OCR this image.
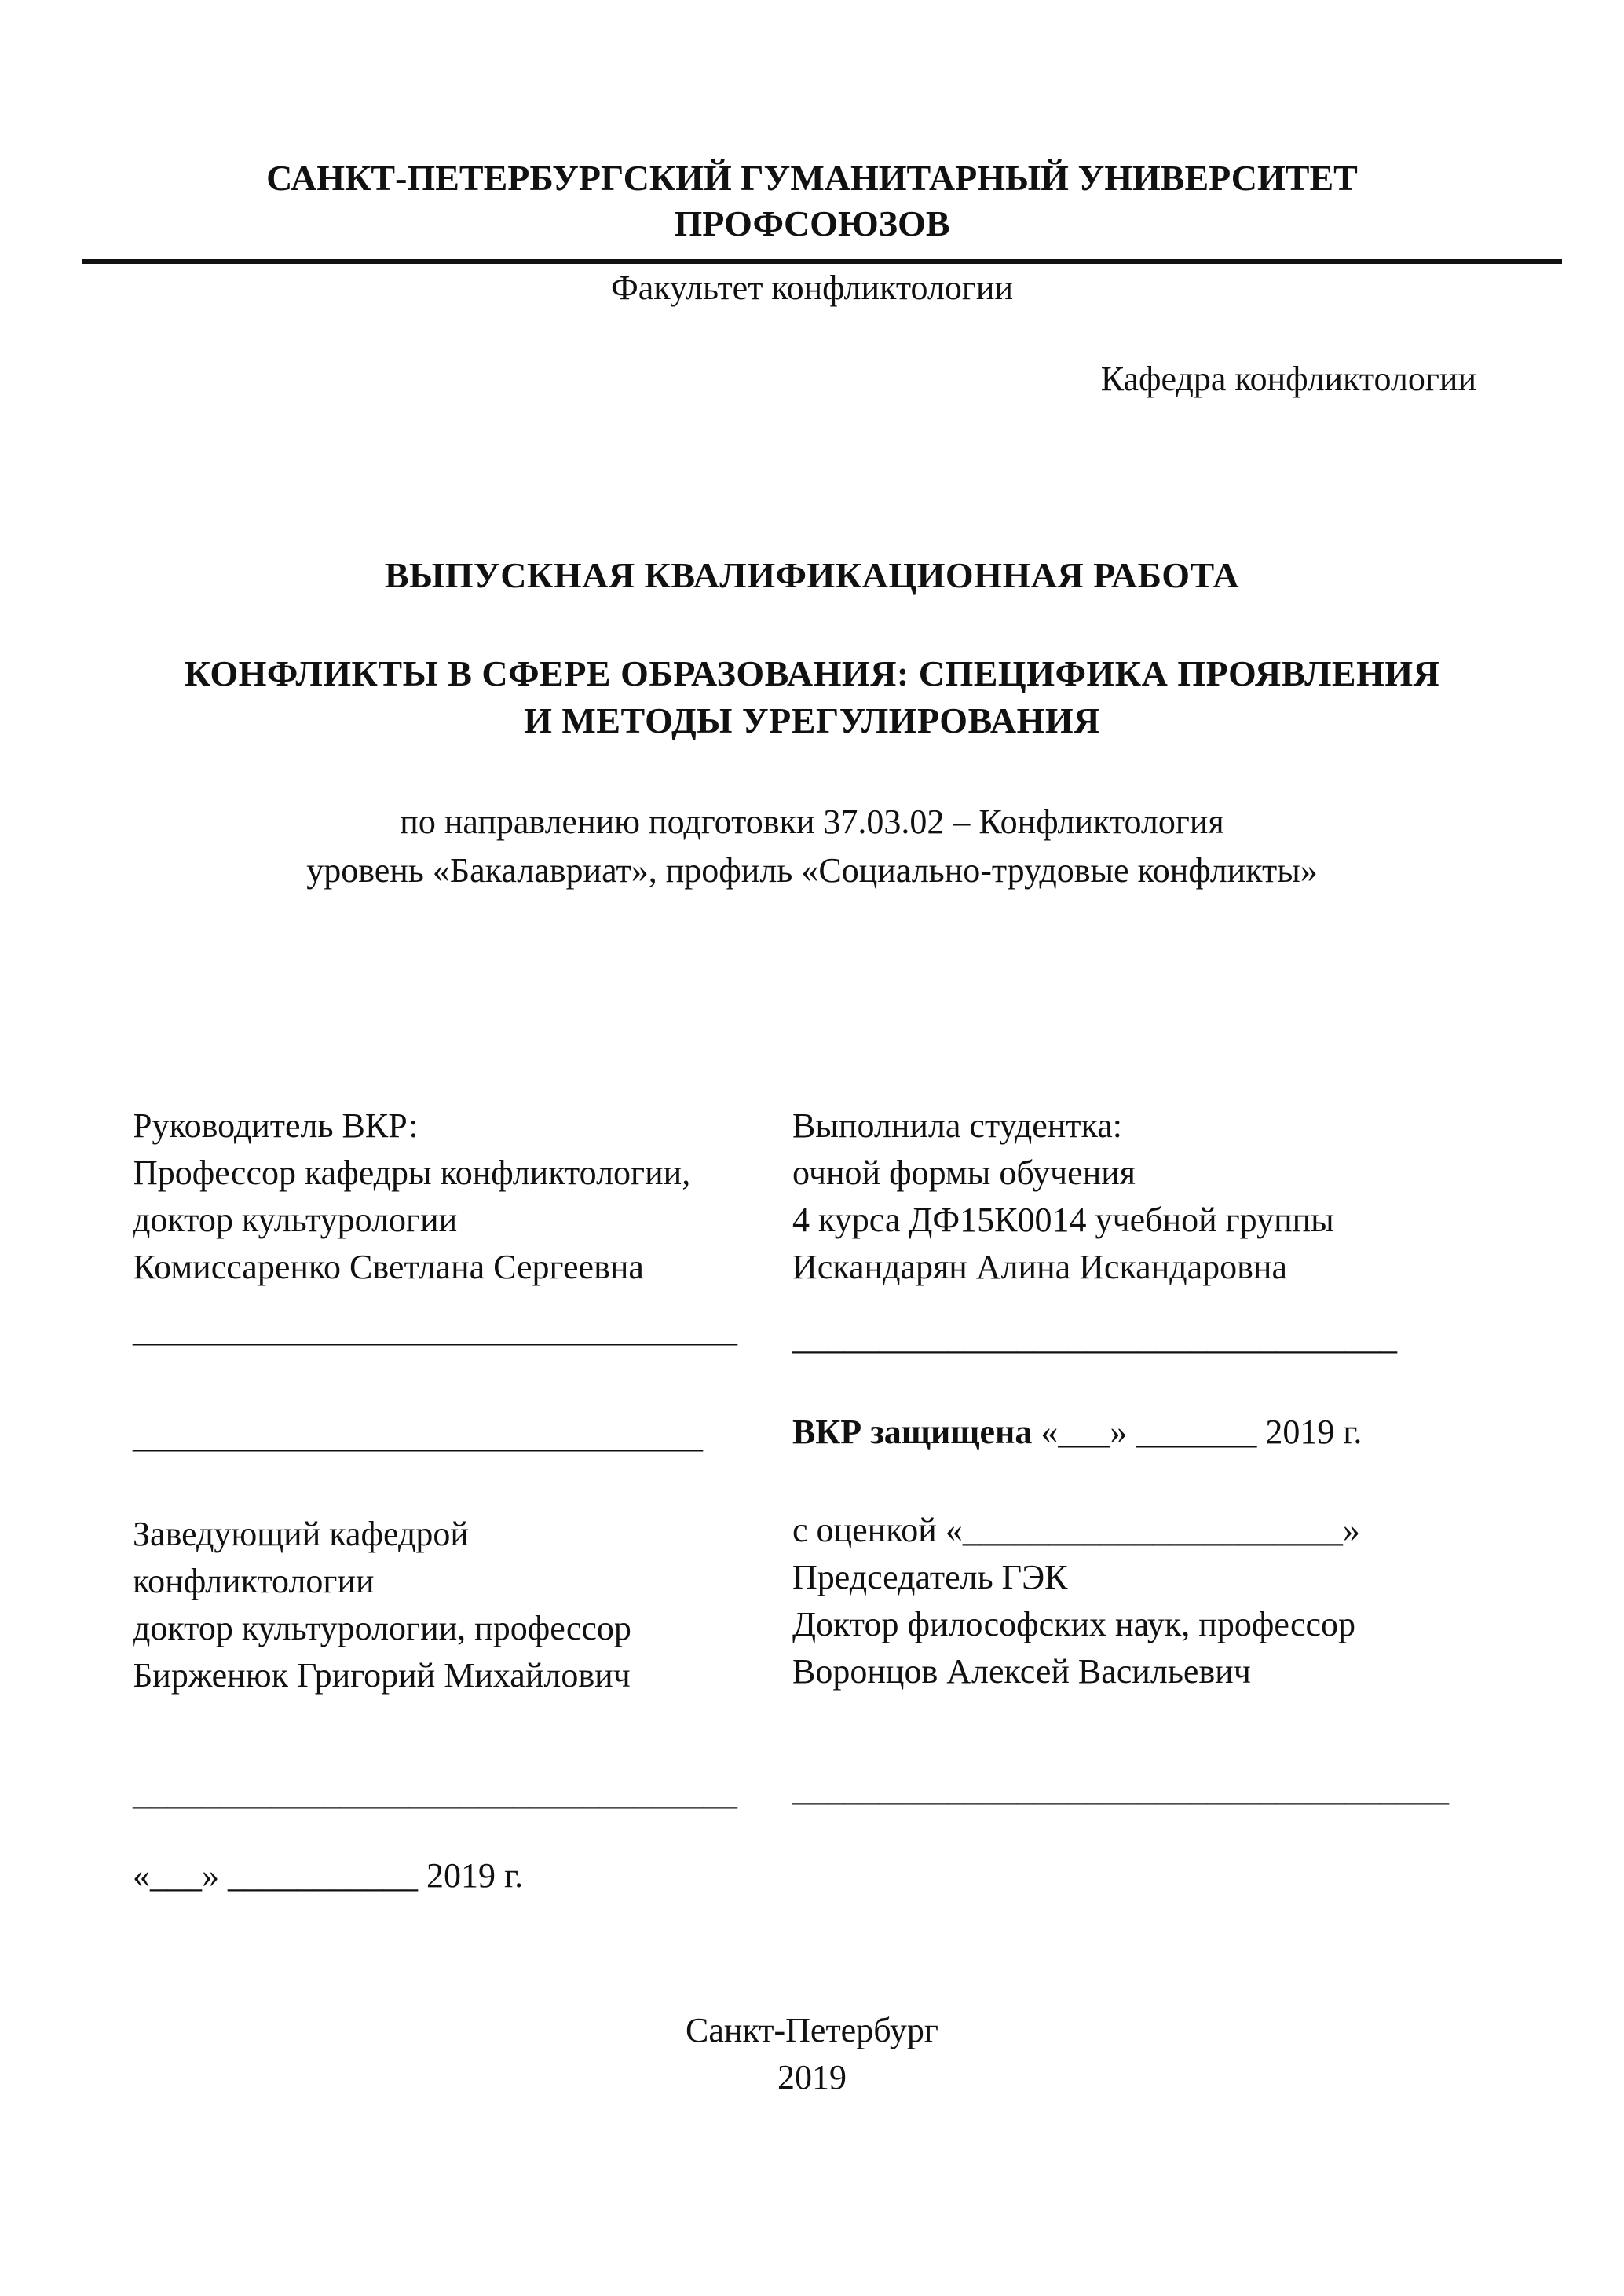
САНКТ-ПЕТЕРБУРГСКИЙ ГУМАНИТАРНЫЙ УНИВЕРСИТЕТ
ПРОФСОЮЗОВ
Факультет конфликтологии
Кафедра конфликтологии
ВЫПУСКНАЯ КВАЛИФИКАЦИОННАЯ РАБОТА
КОНФЛИКТЫ В СФЕРЕ ОБРАЗОВАНИЯ: СПЕЦИФИКА ПРОЯВЛЕНИЯ
И МЕТОДЫ УРЕГУЛИРОВАНИЯ
по направлению подготовки 37.03.02 – Конфликтология
уровень «Бакалавриат», профиль «Социально-трудовые конфликты»
Руководитель ВКР:
Профессор кафедры конфликтологии,
доктор культурологии
Комиссаренко Светлана Сергеевна
___________________________________
_________________________________
Заведующий кафедрой
конфликтологии
доктор культурологии, профессор
Бирженюк Григорий Михайлович
___________________________________
«___» ___________ 2019 г.
Выполнила студентка:
очной формы обучения
4 курса ДФ15К0014 учебной группы
Искандарян Алина Искандаровна
___________________________________
ВКР защищена «___» _______ 2019 г.
с оценкой «______________________»
Председатель ГЭК
Доктор философских наук, профессор
Воронцов Алексей Васильевич
______________________________________
Санкт-Петербург
2019
